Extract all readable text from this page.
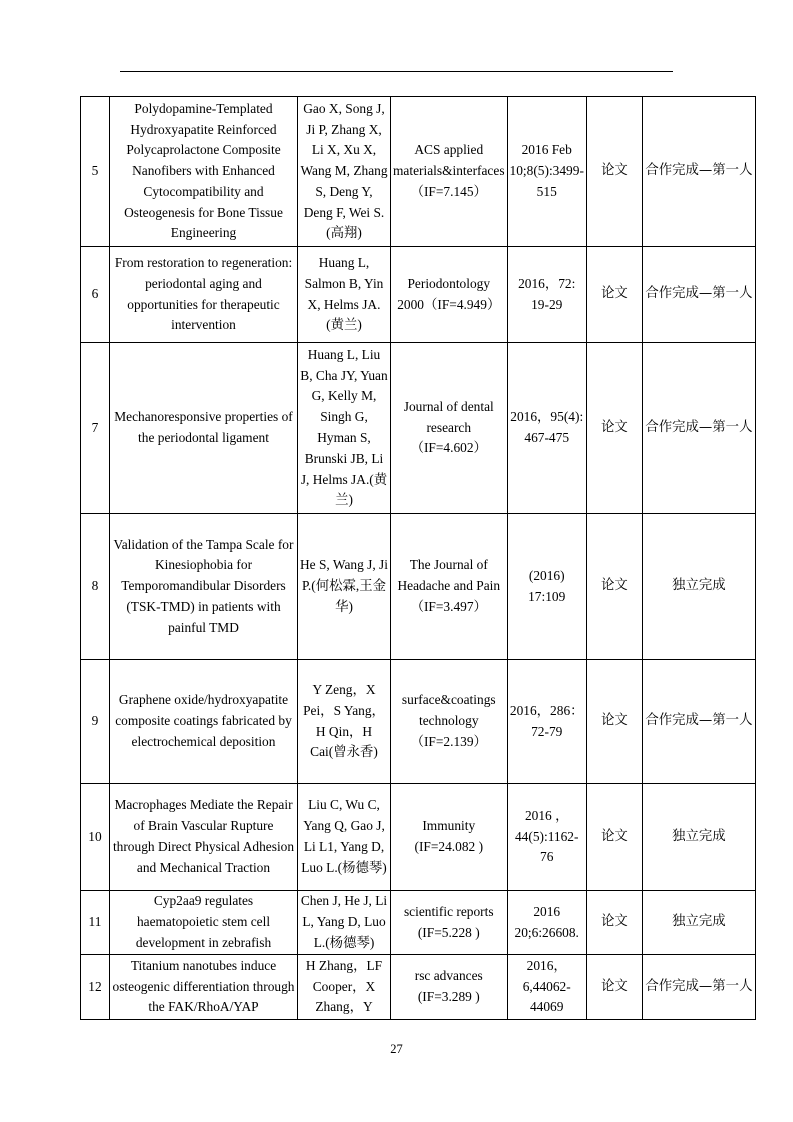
5	Polydopamine-Templated Hydroxyapatite Reinforced Polycaprolactone Composite Nanofibers with Enhanced Cytocompatibility and Osteogenesis for Bone Tissue Engineering	Gao X, Song J, Ji P, Zhang X, Li X, Xu X, Wang M, Zhang S, Deng Y, Deng F, Wei S.(高翔)	ACS applied materials&interfaces（IF=7.145）	2016 Feb 10;8(5):3499-515	论文	合作完成—第一人
6	From restoration to regeneration: periodontal aging and opportunities for therapeutic intervention	Huang L, Salmon B, Yin X, Helms JA.(黄兰)	Periodontology 2000（IF=4.949）	2016，72: 19-29	论文	合作完成—第一人
7	Mechanoresponsive properties of the periodontal ligament	Huang L, Liu B, Cha JY, Yuan G, Kelly M, Singh G, Hyman S, Brunski JB, Li J, Helms JA.(黄兰)	Journal of dental research（IF=4.602）	2016，95(4): 467-475	论文	合作完成—第一人
8	Validation of the Tampa Scale for Kinesiophobia for Temporomandibular Disorders (TSK-TMD) in patients with painful TMD	He S, Wang J, Ji P.(何松霖,王金华)	The Journal of Headache and Pain（IF=3.497）	(2016) 17:109	论文	独立完成
9	Graphene oxide/hydroxyapatite composite coatings fabricated by electrochemical deposition	Y Zeng，X Pei，S Yang，H Qin，H Cai(曾永香)	surface&coatings technology（IF=2.139）	2016，286：72-79	论文	合作完成—第一人
10	Macrophages Mediate the Repair of Brain Vascular Rupture through Direct Physical Adhesion and Mechanical Traction	Liu C, Wu C, Yang Q, Gao J, Li L1, Yang D, Luo L.(杨德琴)	Immunity (IF=24.082 )	2016 ，44(5):1162-76	论文	独立完成
11	Cyp2aa9 regulates haematopoietic stem cell development in zebrafish	Chen J, He J, Li L, Yang D, Luo L.(杨德琴)	scientific reports (IF=5.228 )	2016 20;6:26608.	论文	独立完成
12	Titanium nanotubes induce osteogenic differentiation through the FAK/RhoA/YAP	H Zhang，LF Cooper，X Zhang，Y	rsc advances (IF=3.289 )	2016，6,44062-44069	论文	合作完成—第一人
27
